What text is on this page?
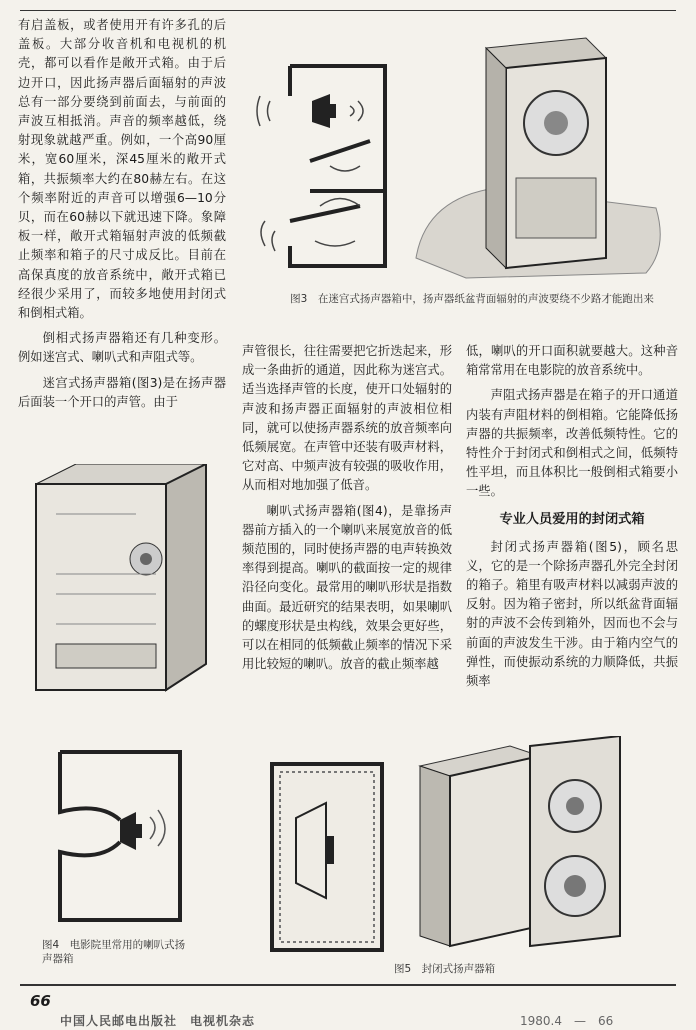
有启盖板，或者使用开有许多孔的后盖板。大部分收音机和电视机的机壳，都可以看作是敞开式箱。由于后边开口，因此扬声器后面辐射的声波总有一部分要绕到前面去，与前面的声波互相抵消。声音的频率越低，绕射现象就越严重。例如，一个高90厘米，宽60厘米，深45厘米的敞开式箱，共振频率大约在80赫左右。在这个频率附近的声音可以增强6—10分贝，而在60赫以下就迅速下降。象障板一样，敞开式箱辐射声波的低频截止频率和箱子的尺寸成反比。目前在高保真度的放音系统中，敞开式箱已经很少采用了，而较多地使用封闭式和倒相式箱。

倒相式扬声器箱还有几种变形。例如迷宫式、喇叭式和声阻式等。

迷宫式扬声器箱(图3)是在扬声器后面装一个开口的声管。由于

图3　在迷宫式扬声器箱中，扬声器纸盆背面辐射的声波要绕不少路才能跑出来

声管很长，往往需要把它折迭起来，形成一条曲折的通道，因此称为迷宫式。适当选择声管的长度，使开口处辐射的声波和扬声器正面辐射的声波相位相同，就可以使扬声器系统的放音频率向低频展宽。在声管中还装有吸声材料，它对高、中频声波有较强的吸收作用，从而相对地加强了低音。

喇叭式扬声器箱(图4)，是靠扬声器前方插入的一个喇叭来展宽放音的低频范围的，同时使扬声器的电声转换效率得到提高。喇叭的截面按一定的规律沿径向变化。最常用的喇叭形状是指数曲面。最近研究的结果表明，如果喇叭的螺度形状是虫构线，效果会更好些，可以在相同的低频截止频率的情况下采用比较短的喇叭。放音的截止频率越

低，喇叭的开口面积就要越大。这种音箱常常用在电影院的放音系统中。

声阻式扬声器是在箱子的开口通道内装有声阻材料的倒相箱。它能降低扬声器的共振频率，改善低频特性。它的特性介于封闭式和倒相式之间，低频特性平坦，而且体积比一般倒相式箱要小一些。

专业人员爱用的封闭式箱

封闭式扬声器箱(图5)，顾名思义，它的是一个除扬声器孔外完全封闭的箱子。箱里有吸声材料以减弱声波的反射。因为箱子密封，所以纸盆背面辐射的声波不会传到箱外，因而也不会与前面的声波发生干涉。由于箱内空气的弹性，而使振动系统的力顺降低，共振频率

图4　电影院里常用的喇叭式扬声器箱
图5　封闭式扬声器箱
66
中国人民邮电出版社　电视机杂志	1980.4　—　66
